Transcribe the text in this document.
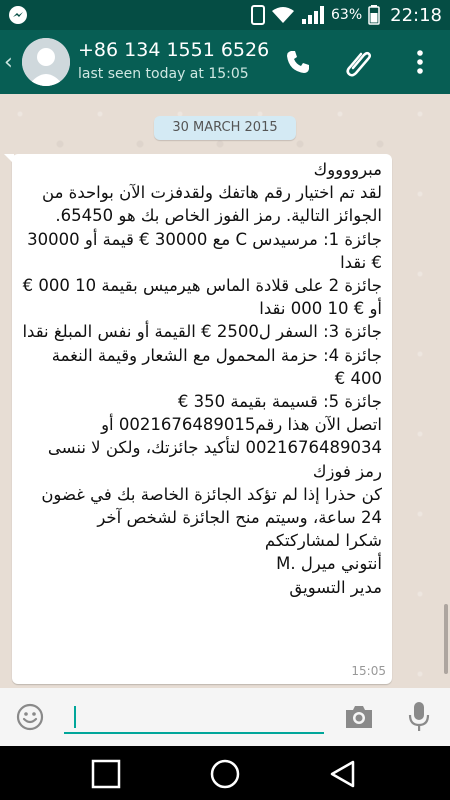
63% 22:18
‹	+86 134 1551 6526
last seen today at 15:05
30 MARCH 2015
مبرووووك
لقد تم اختيار رقم هاتفك ولقدفزت الآن بواحدة من الجوائز التالية. رمز الفوز الخاص بك هو 65450.
جائزة 1: مرسيدس C مع 30000 € قيمة أو 30000 € نقدا
جائزة 2 على قلادة الماس هيرميس بقيمة 10 000 € أو € 10 000 نقدا
جائزة 3: السفر ل2500 € القيمة أو نفس المبلغ نقدا
جائزة 4: حزمة المحمول مع الشعار وقيمة النغمة 400 €
جائزة 5: قسيمة بقيمة 350 €
اتصل الآن هذا رقم0021676489015 أو 0021676489034 لتأكيد جائزتك، ولكن لا ننسى رمز فوزك
كن حذرا إذا لم تؤكد الجائزة الخاصة بك في غضون 24 ساعة، وسيتم منح الجائزة لشخص آخر
شكرا لمشاركتكم
أنتوني ميرل .M
مدير التسويق
15:05
